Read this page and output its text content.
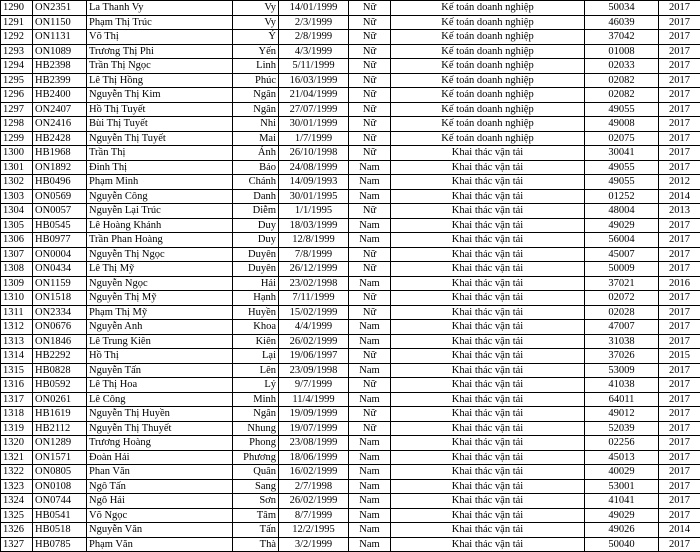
1290	ON2351	La Thanh Vy	Vy	14/01/1999	Nữ	Kế toán doanh nghiệp	50034	2017
1291	ON1150	Phạm Thị Trúc	Vy	2/3/1999	Nữ	Kế toán doanh nghiệp	46039	2017
1292	ON1131	Võ Thị	Ý	2/8/1999	Nữ	Kế toán doanh nghiệp	37042	2017
1293	ON1089	Trương Thị Phi	Yến	4/3/1999	Nữ	Kế toán doanh nghiệp	01008	2017
1294	HB2398	Trần Thị Ngọc	Linh	5/11/1999	Nữ	Kế toán doanh nghiệp	02033	2017
1295	HB2399	Lê Thị Hồng	Phúc	16/03/1999	Nữ	Kế toán doanh nghiệp	02082	2017
1296	HB2400	Nguyễn Thị Kim	Ngân	21/04/1999	Nữ	Kế toán doanh nghiệp	02082	2017
1297	ON2407	Hồ Thị Tuyết	Ngân	27/07/1999	Nữ	Kế toán doanh nghiệp	49055	2017
1298	ON2416	Bùi Thị Tuyết	Nhi	30/01/1999	Nữ	Kế toán doanh nghiệp	49008	2017
1299	HB2428	Nguyễn Thị Tuyết	Mai	1/7/1999	Nữ	Kế toán doanh nghiệp	02075	2017
1300	HB1968	Trần Thị	Ánh	26/10/1998	Nữ	Khai thác vận tải	30041	2017
1301	ON1892	Đinh Thị	Bảo	24/08/1999	Nam	Khai thác vận tải	49055	2017
1302	HB0496	Phạm Minh	Chánh	14/09/1993	Nam	Khai thác vận tải	49055	2012
1303	ON0569	Nguyễn Công	Danh	30/01/1995	Nam	Khai thác vận tải	01252	2014
1304	ON0057	Nguyễn Lại Trúc	Diễm	1/1/1995	Nữ	Khai thác vận tải	48004	2013
1305	HB0545	Lê Hoàng Khánh	Duy	18/03/1999	Nam	Khai thác vận tải	49029	2017
1306	HB0977	Trần Phan Hoàng	Duy	12/8/1999	Nam	Khai thác vận tải	56004	2017
1307	ON0004	Nguyễn Thị Ngọc	Duyên	7/8/1999	Nữ	Khai thác vận tải	45007	2017
1308	ON0434	Lê Thị Mỹ	Duyên	26/12/1999	Nữ	Khai thác vận tải	50009	2017
1309	ON1159	Nguyễn Ngọc	Hải	23/02/1998	Nam	Khai thác vận tải	37021	2016
1310	ON1518	Nguyễn Thị Mỹ	Hạnh	7/11/1999	Nữ	Khai thác vận tải	02072	2017
1311	ON2334	Phạm Thị Mỹ	Huyền	15/02/1999	Nữ	Khai thác vận tải	02028	2017
1312	ON0676	Nguyễn Anh	Khoa	4/4/1999	Nam	Khai thác vận tải	47007	2017
1313	ON1846	Lê Trung Kiên	Kiên	26/02/1999	Nam	Khai thác vận tải	31038	2017
1314	HB2292	Hồ Thị	Lại	19/06/1997	Nữ	Khai thác vận tải	37026	2015
1315	HB0828	Nguyễn Tấn	Lên	23/09/1998	Nam	Khai thác vận tải	53009	2017
1316	HB0592	Lê Thị Hoa	Lý	9/7/1999	Nữ	Khai thác vận tải	41038	2017
1317	ON0261	Lê Công	Minh	11/4/1999	Nam	Khai thác vận tải	64011	2017
1318	HB1619	Nguyễn Thị Huyền	Ngân	19/09/1999	Nữ	Khai thác vận tải	49012	2017
1319	HB2112	Nguyễn Thị Thuyết	Nhung	19/07/1999	Nữ	Khai thác vận tải	52039	2017
1320	ON1289	Trương Hoàng	Phong	23/08/1999	Nam	Khai thác vận tải	02256	2017
1321	ON1571	Đoàn Hải	Phương	18/06/1999	Nam	Khai thác vận tải	45013	2017
1322	ON0805	Phan Văn	Quân	16/02/1999	Nam	Khai thác vận tải	40029	2017
1323	ON0108	Ngô Tấn	Sang	2/7/1998	Nam	Khai thác vận tải	53001	2017
1324	ON0744	Ngô Hải	Sơn	26/02/1999	Nam	Khai thác vận tải	41041	2017
1325	HB0541	Võ Ngọc	Tâm	8/7/1999	Nam	Khai thác vận tải	49029	2017
1326	HB0518	Nguyễn Văn	Tấn	12/2/1995	Nam	Khai thác vận tải	49026	2014
1327	HB0785	Phạm Văn	Thà	3/2/1999	Nam	Khai thác vận tải	50040	2017
